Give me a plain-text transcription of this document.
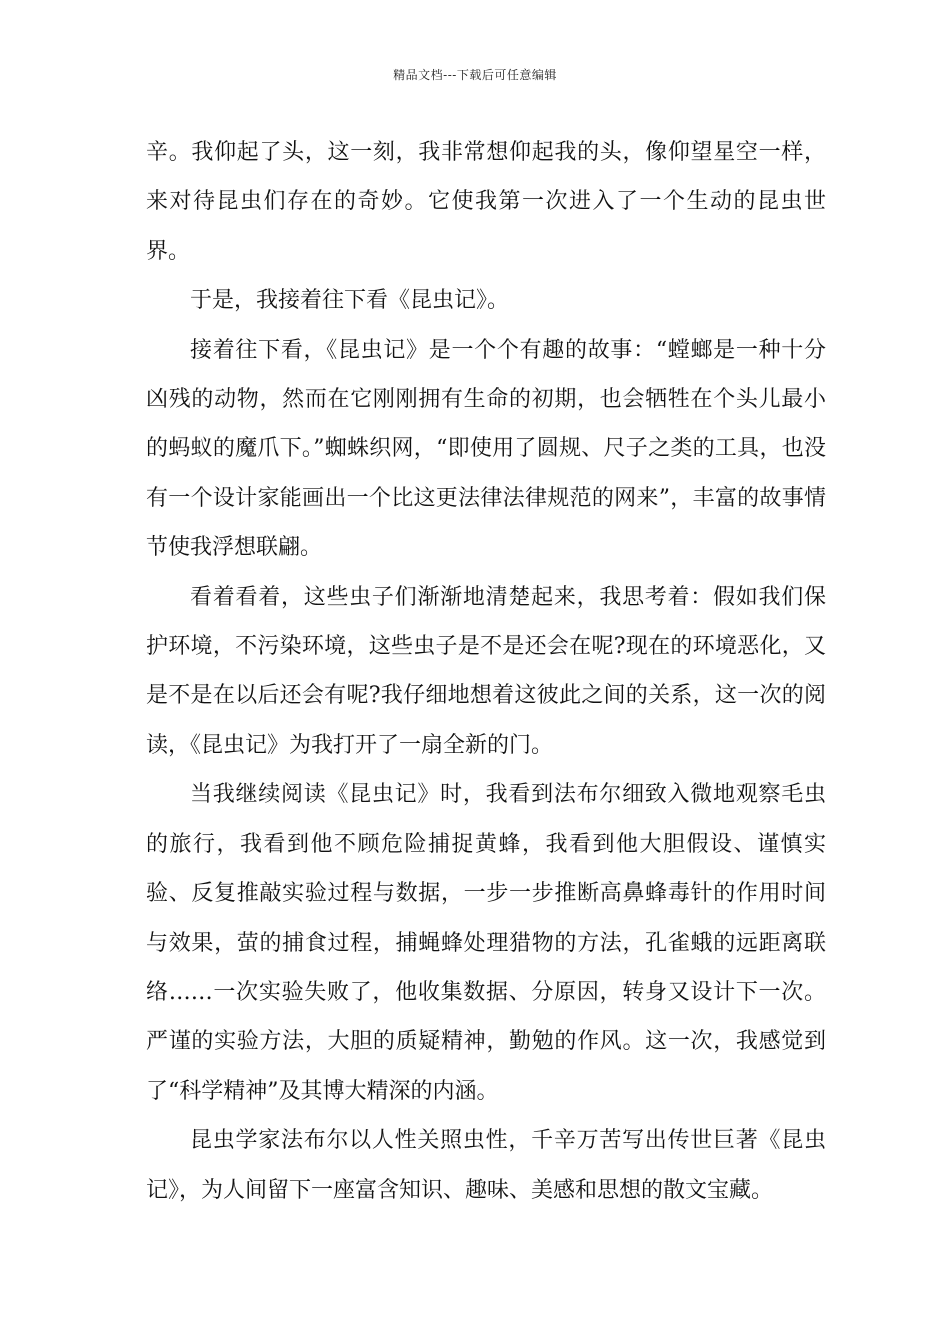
精品文档---下载后可任意编辑

辛。我仰起了头，这一刻，我非常想仰起我的头，像仰望星空一样，来对待昆虫们存在的奇妙。它使我第一次进入了一个生动的昆虫世界。

于是，我接着往下看《昆虫记》。

接着往下看，《昆虫记》是一个个有趣的故事：“螳螂是一种十分凶残的动物，然而在它刚刚拥有生命的初期，也会牺牲在个头儿最小的蚂蚁的魔爪下。”蜘蛛织网，“即使用了圆规、尺子之类的工具，也没有一个设计家能画出一个比这更法律法律规范的网来”，丰富的故事情节使我浮想联翩。

看着看着，这些虫子们渐渐地清楚起来，我思考着：假如我们保护环境，不污染环境，这些虫子是不是还会在呢?现在的环境恶化，又是不是在以后还会有呢?我仔细地想着这彼此之间的关系，这一次的阅读，《昆虫记》为我打开了一扇全新的门。

当我继续阅读《昆虫记》时，我看到法布尔细致入微地观察毛虫的旅行，我看到他不顾危险捕捉黄蜂，我看到他大胆假设、谨慎实验、反复推敲实验过程与数据，一步一步推断高鼻蜂毒针的作用时间与效果，萤的捕食过程，捕蝇蜂处理猎物的方法，孔雀蛾的远距离联络……一次实验失败了，他收集数据、分原因，转身又设计下一次。严谨的实验方法，大胆的质疑精神，勤勉的作风。这一次，我感觉到了“科学精神”及其博大精深的内涵。

昆虫学家法布尔以人性关照虫性，千辛万苦写出传世巨著《昆虫记》，为人间留下一座富含知识、趣味、美感和思想的散文宝藏。
